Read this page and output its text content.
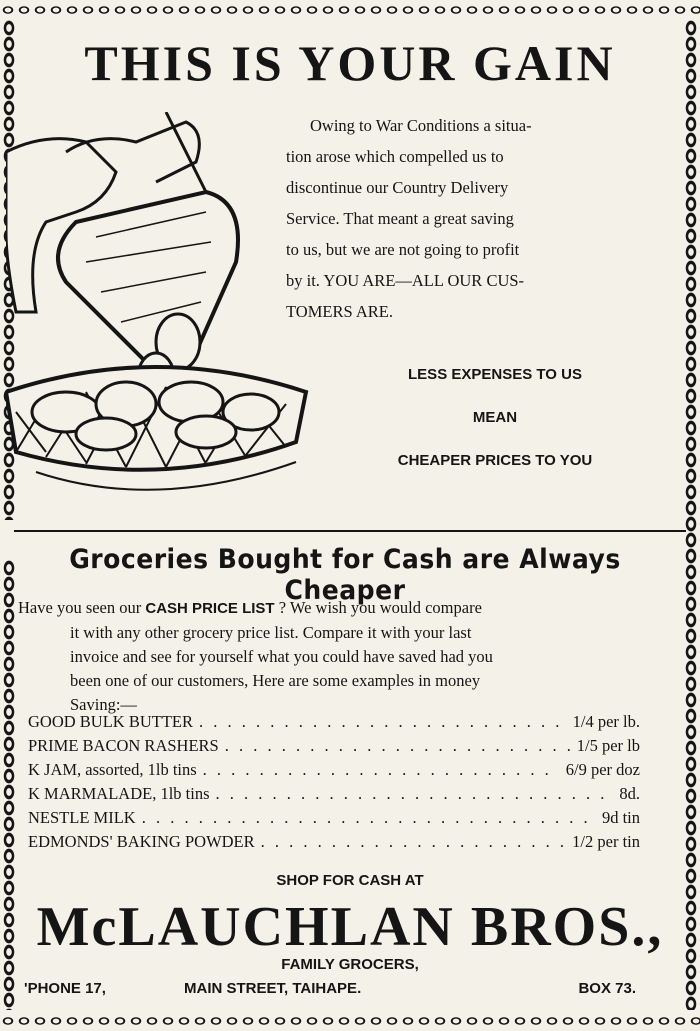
THIS IS YOUR GAIN
Owing to War Conditions a situa-
tion arose which compelled us to
discontinue our Country Delivery
Service. That meant a great saving
to us, but we are not going to profit
by it. YOU ARE—ALL OUR CUS-
TOMERS ARE.

LESS EXPENSES TO US

MEAN

CHEAPER PRICES TO YOU

Groceries Bought for Cash are Always Cheaper
Have you seen our CASH PRICE LIST ? We wish you would compare
it with any other grocery price list. Compare it with your last
invoice and see for yourself what you could have saved had you
been one of our customers, Here are some examples in money
Saving:—
GOOD BULK BUTTER . . .	1/4 per lb.
PRIME BACON RASHERS . . .	1/5 per lb
K JAM, assorted, 1lb tins . . .	6/9 per doz
K MARMALADE, 1lb tins . . .	8d.
NESTLE MILK . . .	9d tin
EDMONDS' BAKING POWDER . . .	1/2 per tin

SHOP FOR CASH AT

McLAUCHLAN BROS.,

FAMILY GROCERS,

'PHONE 17,	MAIN STREET, TAIHAPE.	BOX 73.
